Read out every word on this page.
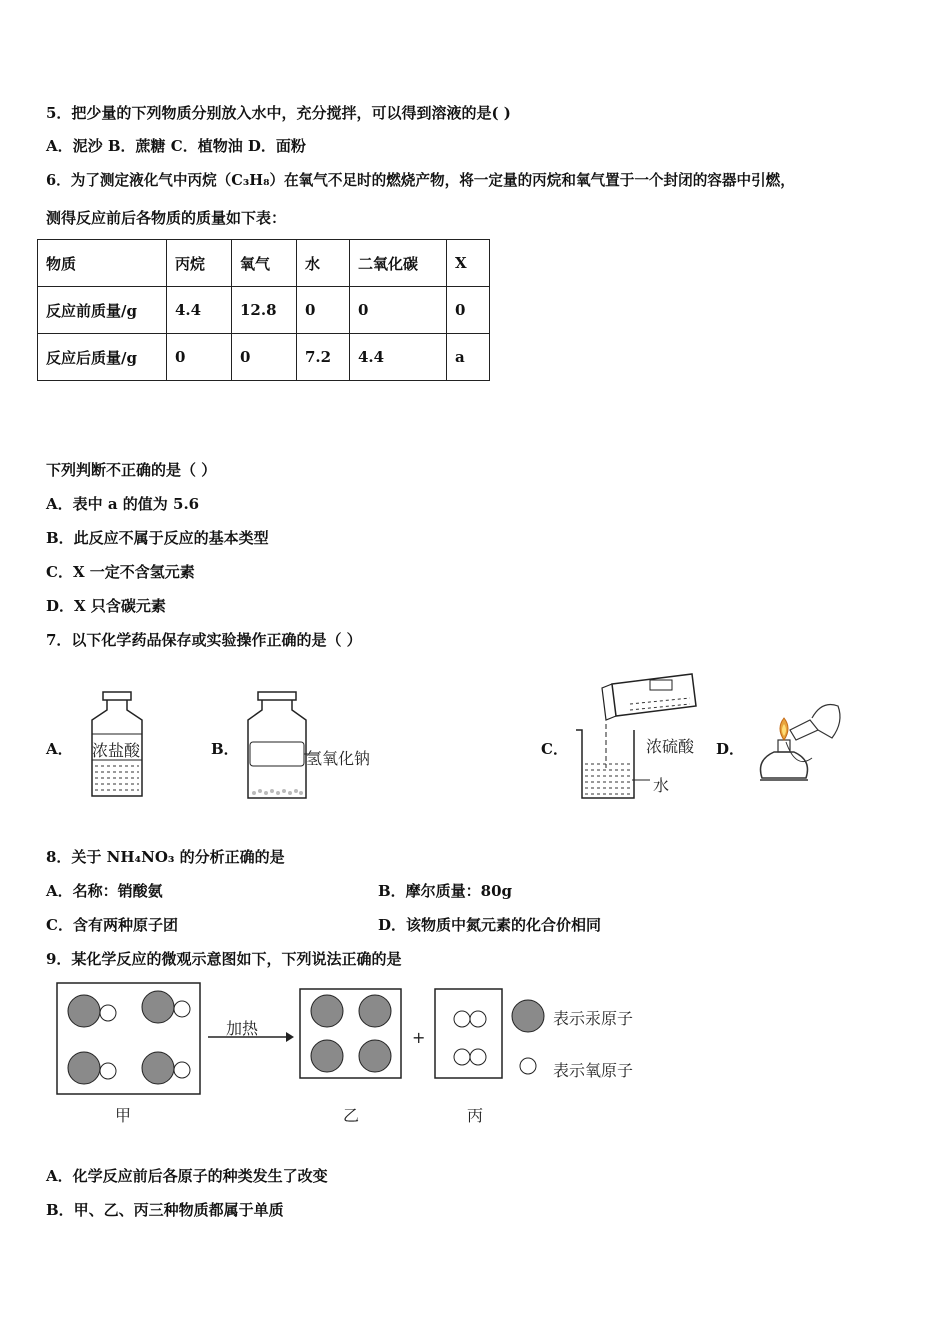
5．把少量的下列物质分别放入水中，充分搅拌，可以得到溶液的是( )
A．泥沙 B．蔗糖 C．植物油 D．面粉
6．为了测定液化气中丙烷（C₃H₈）在氧气不足时的燃烧产物，将一定量的丙烷和氧气置于一个封闭的容器中引燃，
测得反应前后各物质的质量如下表：
物质	丙烷	氧气	水	二氧化碳	X
反应前质量/g	4.4	12.8	0	0	0
反应后质量/g	0	0	7.2	4.4	a
下列判断不正确的是（ ）
A．表中 a 的值为 5.6
B．此反应不属于反应的基本类型
C．X 一定不含氢元素
D．X 只含碳元素
7．以下化学药品保存或实验操作正确的是（ ）
A．	B．	C．	D．
浓盐酸	氢氧化钠
浓硫酸
水
8．关于 NH₄NO₃ 的分析正确的是
A．名称：销酸氨	B．摩尔质量：80g
C．含有两种原子团	D．该物质中氮元素的化合价相同
9．某化学反应的微观示意图如下，下列说法正确的是
加热	+
表示汞原子
表示氧原子
甲	乙	丙
A．化学反应前后各原子的种类发生了改变
B．甲、乙、丙三种物质都属于单质
